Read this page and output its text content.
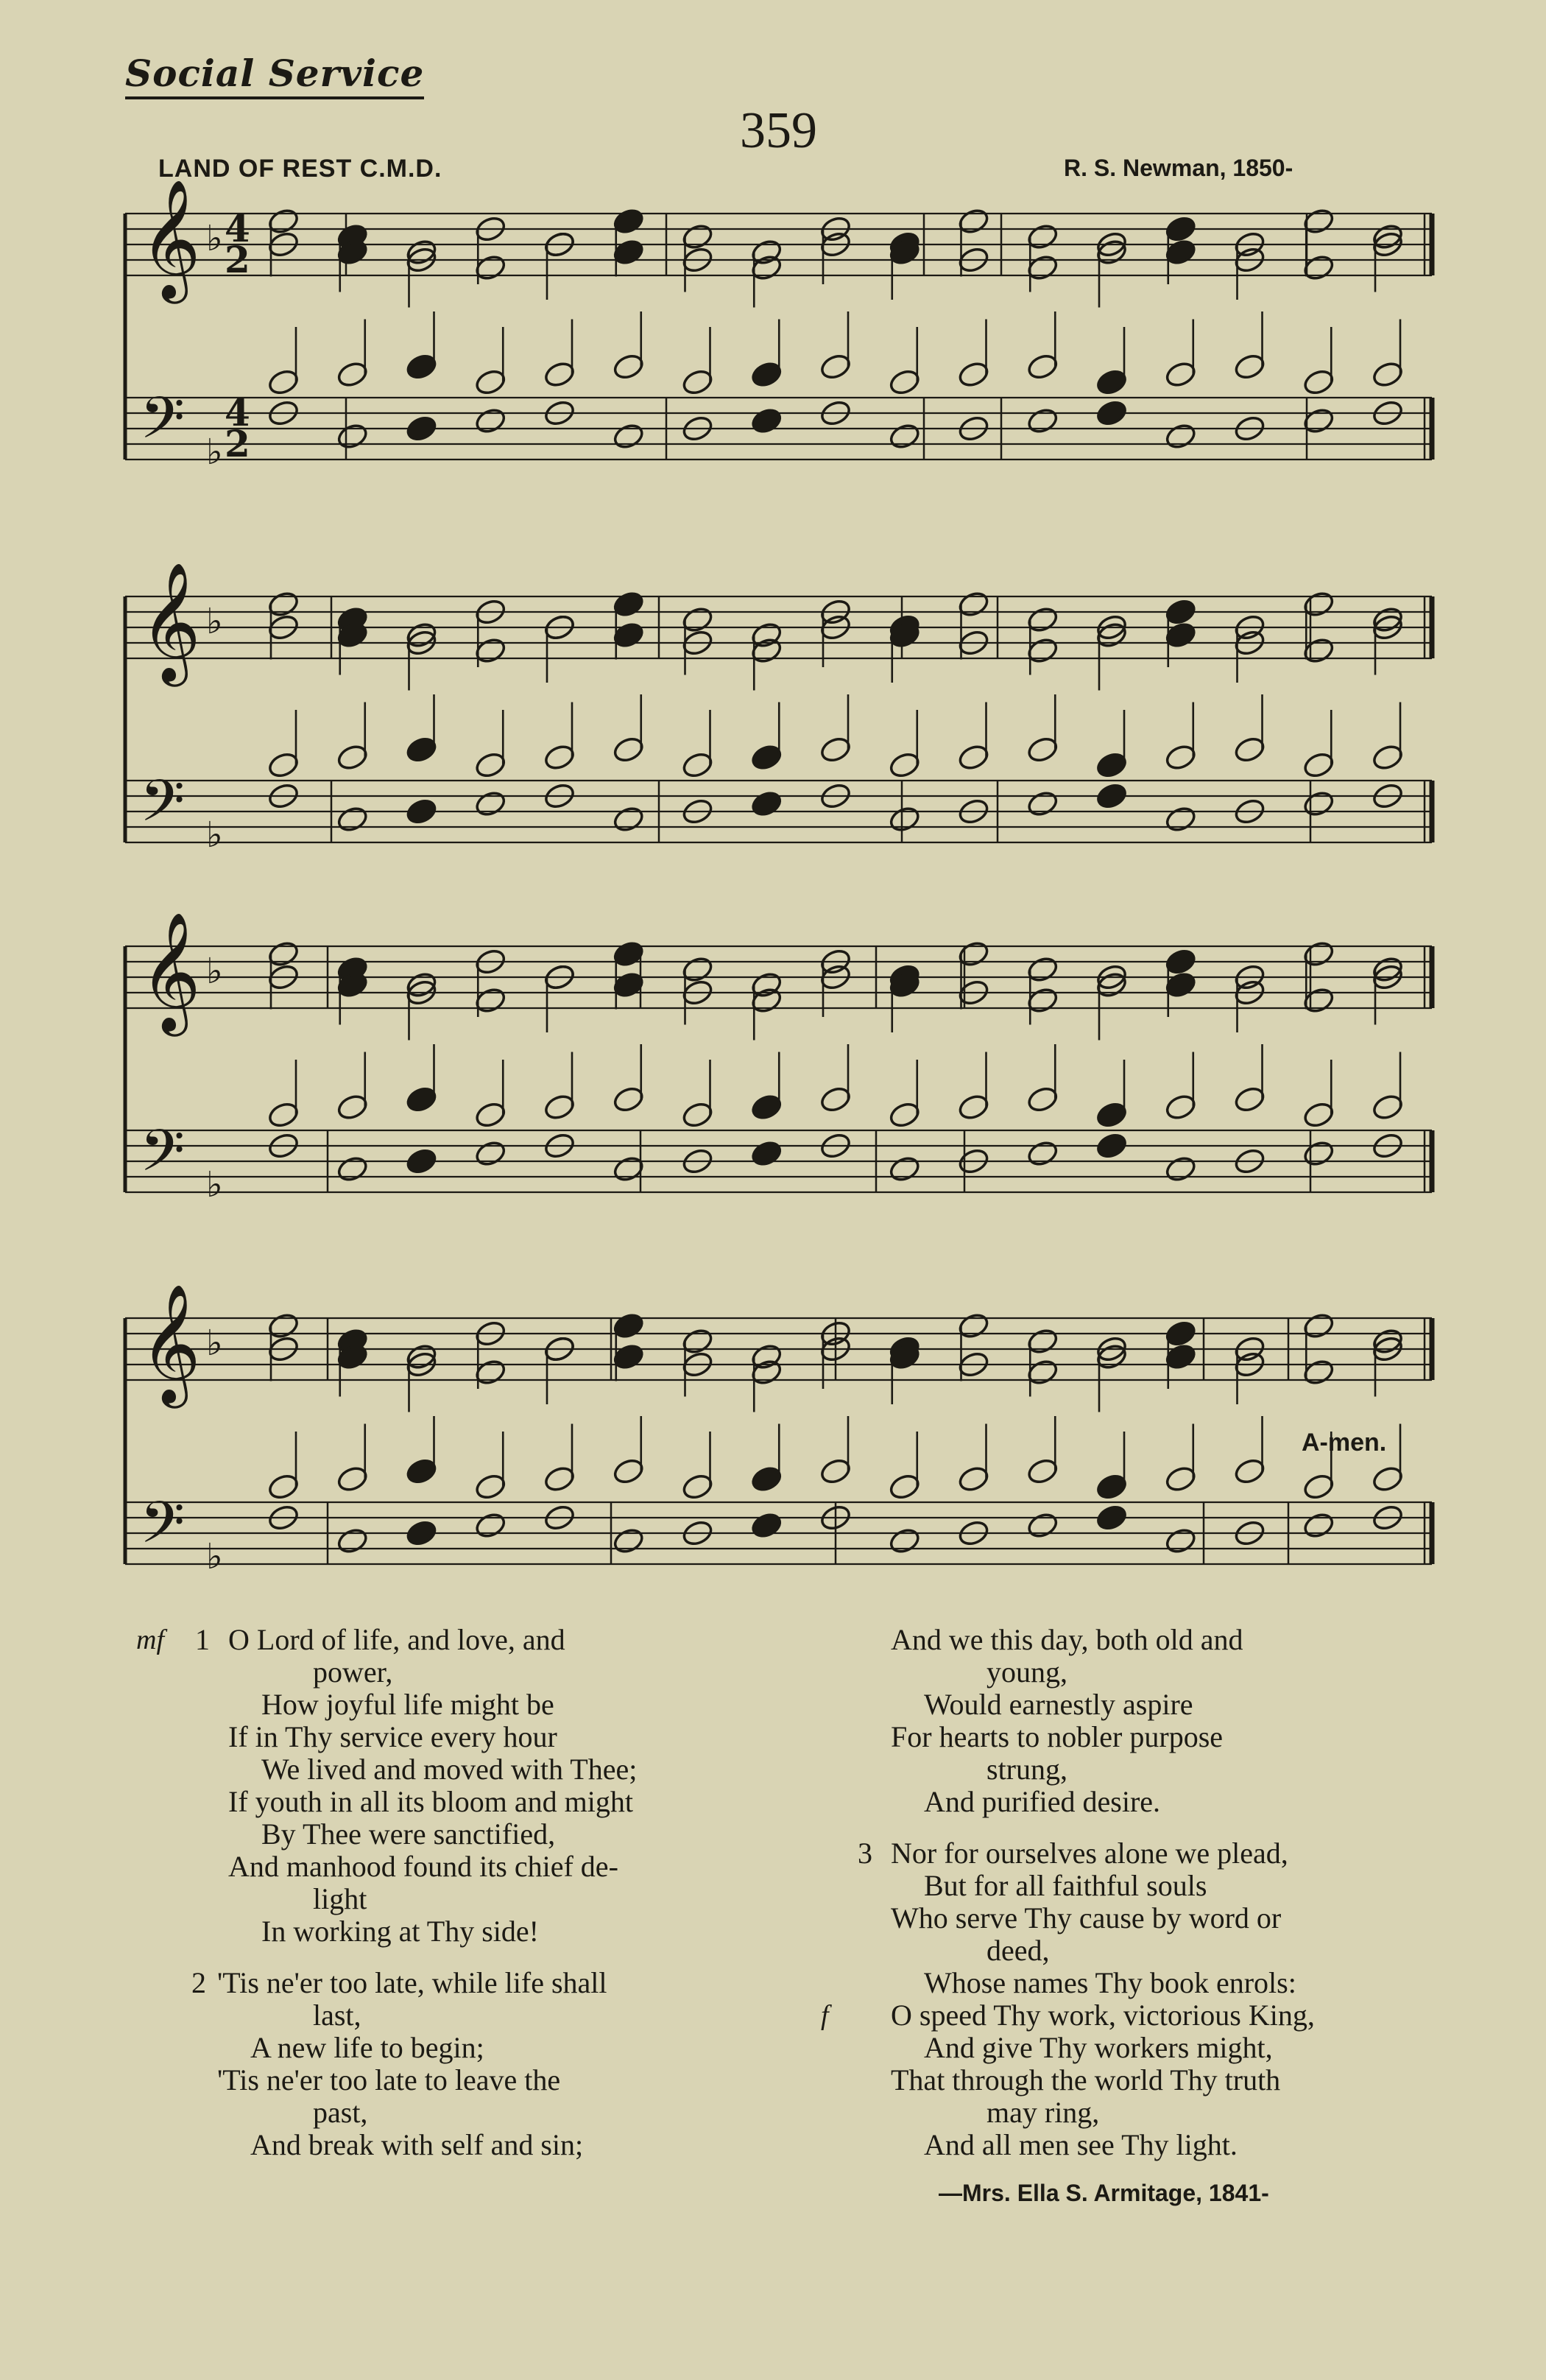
Social Service
359
LAND OF REST C.M.D.	R. S. Newman, 1850-
𝄞
𝄢
♭
♭
4
2
4
2
𝄞
𝄢
♭
♭
𝄞
𝄢
♭
♭
𝄞
𝄢
♭
♭
A-men.
mf 1 O Lord of life, and love, and
power,
How joyful life might be
If in Thy service every hour
We lived and moved with Thee;
If youth in all its bloom and might
By Thee were sanctified,
And manhood found its chief de-
light
In working at Thy side!
2 'Tis ne'er too late, while life shall
last,
A new life to begin;
'Tis ne'er too late to leave the
past,
And break with self and sin;
And we this day, both old and
young,
Would earnestly aspire
For hearts to nobler purpose
strung,
And purified desire.
3
f
Nor for ourselves alone we plead,
But for all faithful souls
Who serve Thy cause by word or
deed,
Whose names Thy book enrols:
O speed Thy work, victorious King,
And give Thy workers might,
That through the world Thy truth
may ring,
And all men see Thy light.
—Mrs. Ella S. Armitage, 1841-
